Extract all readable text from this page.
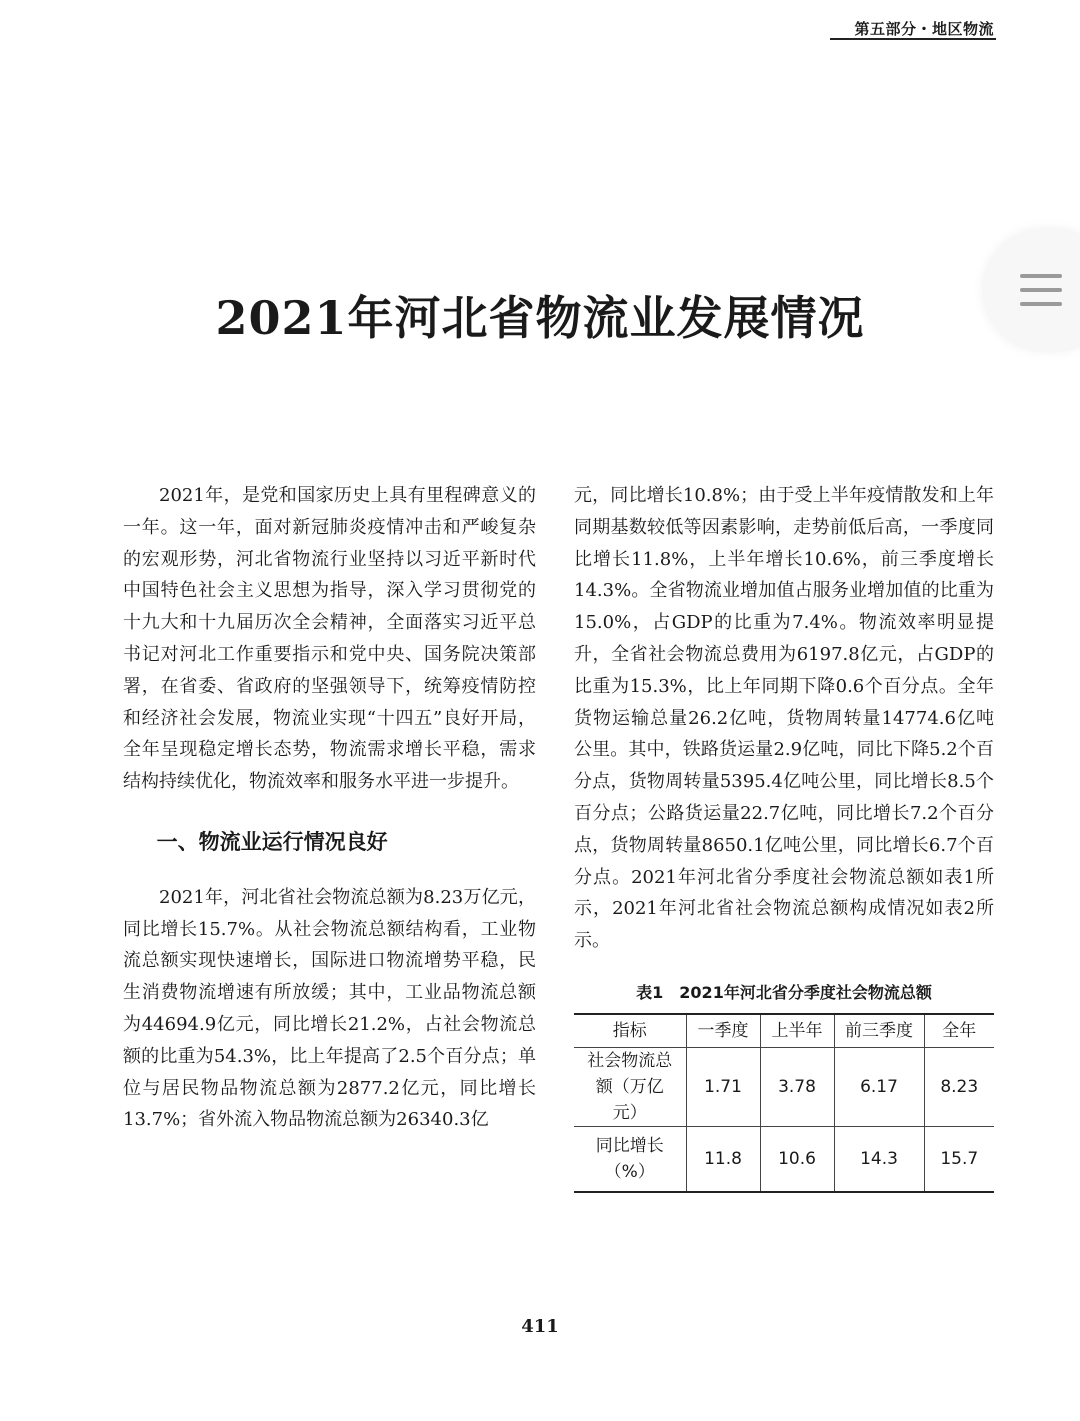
第五部分・地区物流
2021年河北省物流业发展情况

2021年，是党和国家历史上具有里程碑意义的一年。这一年，面对新冠肺炎疫情冲击和严峻复杂的宏观形势，河北省物流行业坚持以习近平新时代中国特色社会主义思想为指导，深入学习贯彻党的十九大和十九届历次全会精神，全面落实习近平总书记对河北工作重要指示和党中央、国务院决策部署，在省委、省政府的坚强领导下，统筹疫情防控和经济社会发展，物流业实现“十四五”良好开局，全年呈现稳定增长态势，物流需求增长平稳，需求结构持续优化，物流效率和服务水平进一步提升。

一、物流业运行情况良好

2021年，河北省社会物流总额为8.23万亿元，同比增长15.7%。从社会物流总额结构看，工业物流总额实现快速增长，国际进口物流增势平稳，民生消费物流增速有所放缓；其中，工业品物流总额为44694.9亿元，同比增长21.2%，占社会物流总额的比重为54.3%，比上年提高了2.5个百分点；单位与居民物品物流总额为2877.2亿元，同比增长13.7%；省外流入物品物流总额为26340.3亿

元，同比增长10.8%；由于受上半年疫情散发和上年同期基数较低等因素影响，走势前低后高，一季度同比增长11.8%，上半年增长10.6%，前三季度增长14.3%。全省物流业增加值占服务业增加值的比重为15.0%，占GDP的比重为7.4%。物流效率明显提升，全省社会物流总费用为6197.8亿元，占GDP的比重为15.3%，比上年同期下降0.6个百分点。全年货物运输总量26.2亿吨，货物周转量14774.6亿吨公里。其中，铁路货运量2.9亿吨，同比下降5.2个百分点，货物周转量5395.4亿吨公里，同比增长8.5个百分点；公路货运量22.7亿吨，同比增长7.2个百分点，货物周转量8650.1亿吨公里，同比增长6.7个百分点。2021年河北省分季度社会物流总额如表1所示，2021年河北省社会物流总额构成情况如表2所示。

表1　2021年河北省分季度社会物流总额

指标	一季度	上半年	前三季度	全年
社会物流总额（万亿元）	1.71	3.78	6.17	8.23
同比增长（%）	11.8	10.6	14.3	15.7
411
